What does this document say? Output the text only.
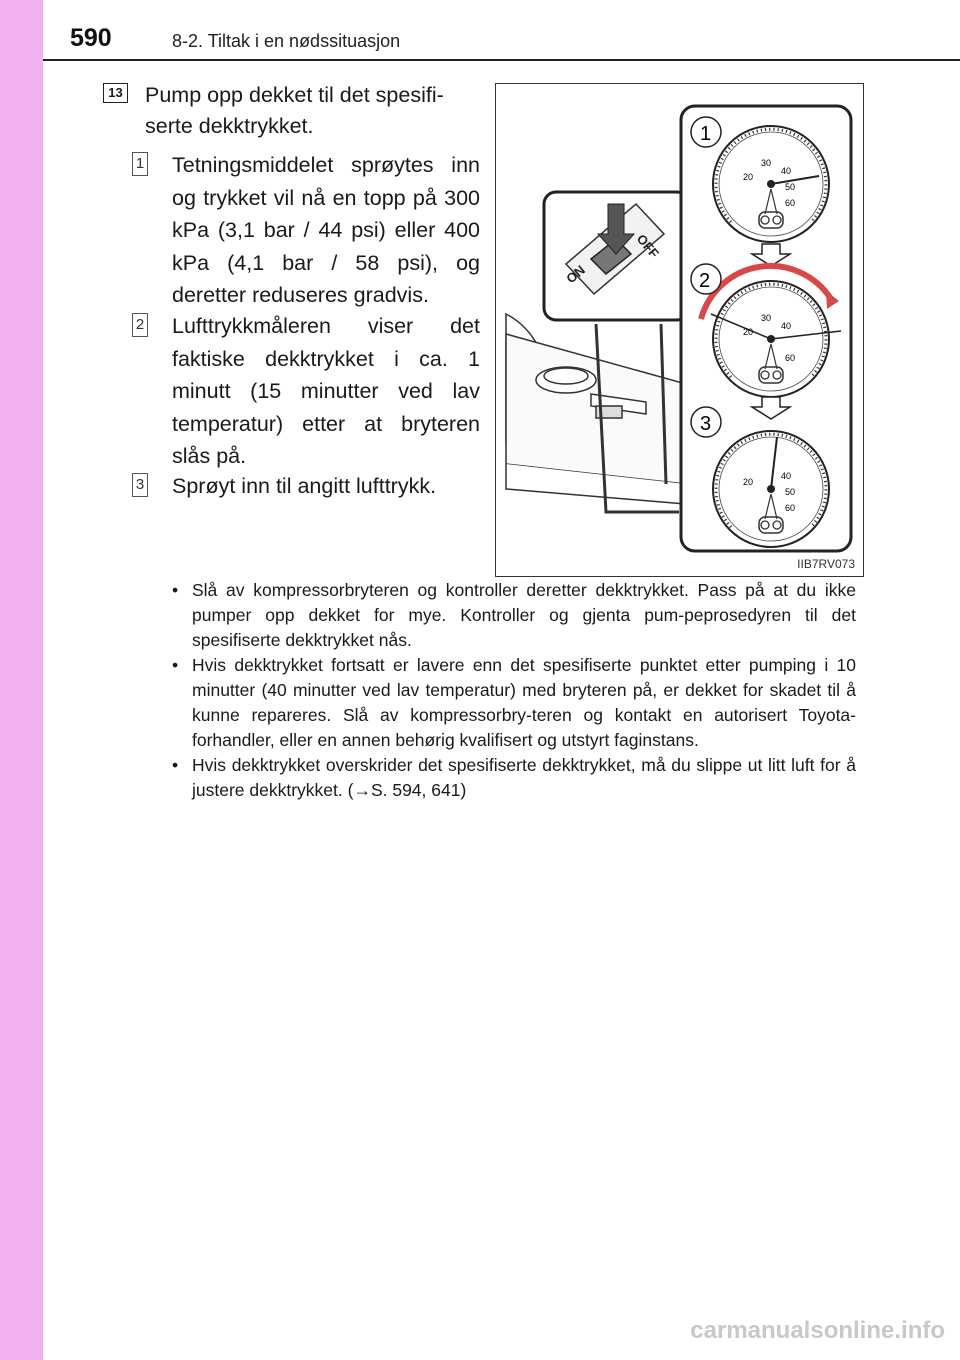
590	8-2. Tiltak i en nødssituasjon
13 Pump opp dekket til det spesifi-serte dekktrykket.
1 Tetningsmiddelet sprøytes inn og trykket vil nå en topp på 300 kPa (3,1 bar / 44 psi) eller 400 kPa (4,1 bar / 58 psi), og deretter reduseres gradvis.
2 Lufttrykkmåleren viser det faktiske dekktrykket i ca. 1 minutt (15 minutter ved lav temperatur) etter at bryteren slås på.
3 Sprøyt inn til angitt lufttrykk.
ON
OFF
20
30
40
50
60
1
20
30
40
60
2
20
40
50
60
3
IIB7RV073
• Slå av kompressorbryteren og kontroller deretter dekktrykket. Pass på at du ikke pumper opp dekket for mye. Kontroller og gjenta pum-peprosedyren til det spesifiserte dekktrykket nås.
• Hvis dekktrykket fortsatt er lavere enn det spesifiserte punktet etter pumping i 10 minutter (40 minutter ved lav temperatur) med bryteren på, er dekket for skadet til å kunne repareres. Slå av kompressorbry-teren og kontakt en autorisert Toyota-forhandler, eller en annen behørig kvalifisert og utstyrt faginstans.
• Hvis dekktrykket overskrider det spesifiserte dekktrykket, må du slippe ut litt luft for å justere dekktrykket. (→S. 594, 641)
carmanualsonline.info
